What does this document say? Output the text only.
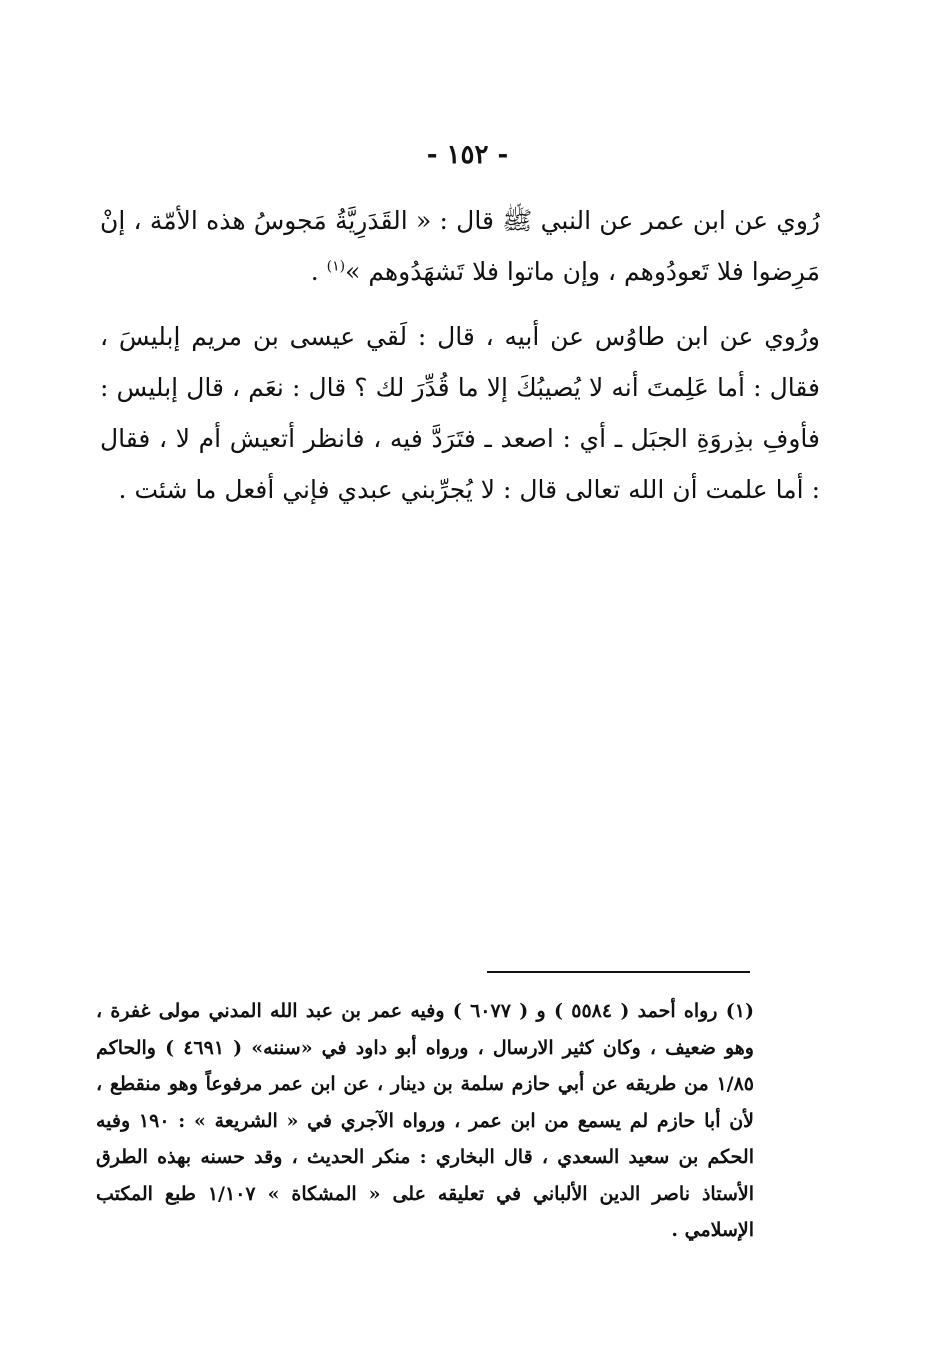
- ١٥٢ -

رُوي عن ابن عمر عن النبي ﷺ قال : « القَدَرِيَّةُ مَجوسُ هذه الأمّة ، إنْ مَرِضوا فلا تَعودُوهم ، وإن ماتوا فلا تَشهَدُوهم »$^{(١)}$ .

ورُوي عن ابن طاوُس عن أبيه ، قال : لَقي عيسى بن مريم إبليسَ ، فقال : أما عَلِمتَ أنه لا يُصيبُكَ إلا ما قُدِّرَ لك ؟ قال : نعَم ، قال إبليس : فأوفِ بذِروَةِ الجبَل ـ أي : اصعد ـ فتَرَدَّ فيه ، فانظر أتعيش أم لا ، فقال : أما علمت أن الله تعالى قال : لا يُجرِّبني عبدي فإني أفعل ما شئت .

(١) رواه أحمد ( ٥٥٨٤ ) و ( ٦٠٧٧ ) وفيه عمر بن عبد الله المدني مولى غفرة ، وهو ضعيف ، وكان كثير الارسال ، ورواه أبو داود في «سننه» ( ٤٦٩١ ) والحاكم ١/٨٥ من طريقه عن أبي حازم سلمة بن دينار ، عن ابن عمر مرفوعاً وهو منقطع ، لأن أبا حازم لم يسمع من ابن عمر ، ورواه الآجري في « الشريعة » : ١٩٠ وفيه الحكم بن سعيد السعدي ، قال البخاري : منكر الحديث ، وقد حسنه بهذه الطرق الأستاذ ناصر الدين الألباني في تعليقه على « المشكاة » ١/١٠٧ طبع المكتب الإسلامي .
